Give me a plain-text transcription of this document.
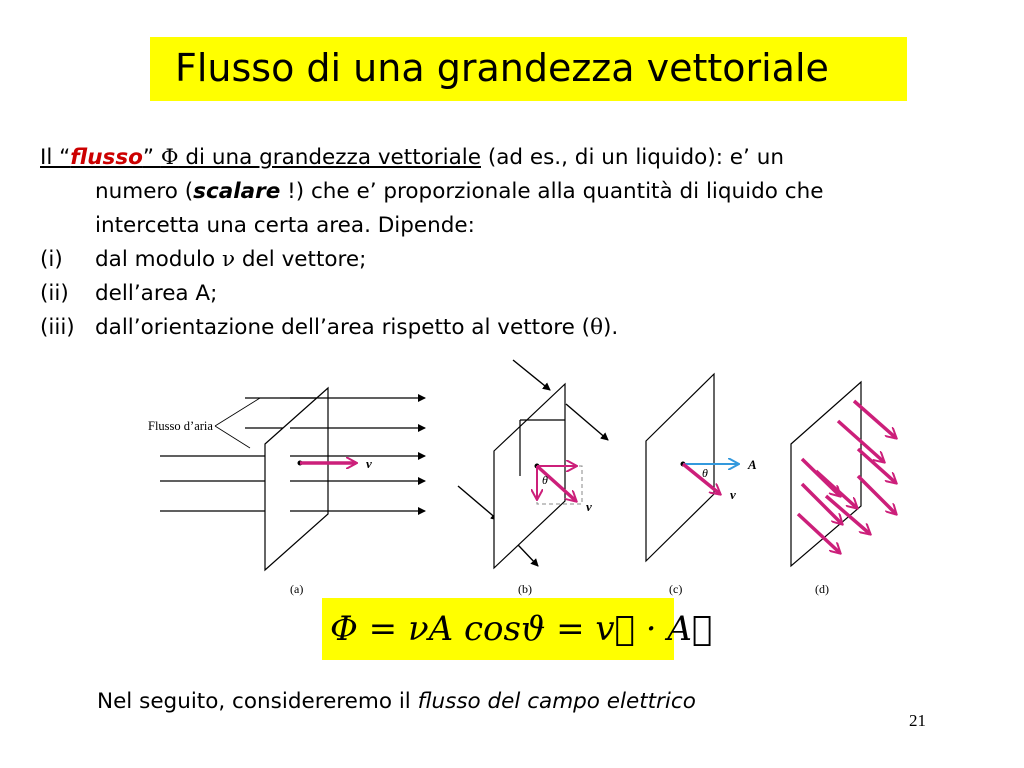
Flusso di una grandezza vettoriale
Il “flusso” Φ di una grandezza vettoriale (ad es., di un liquido): e’ un
numero (scalare !) che e’ proporzionale alla quantità di liquido che
intercetta una certa area. Dipende:
(i) dal modulo ν del vettore;
(ii) dell’area A;
(iii) dall’orientazione dell’area rispetto al vettore (θ).
v
Flusso d’aria
(a)
θ
v
(b)
θ
A
v
(c)	(d)
Φ = νA cosϑ = v⃗ · A⃗
Nel seguito, considereremo il flusso del campo elettrico
21
